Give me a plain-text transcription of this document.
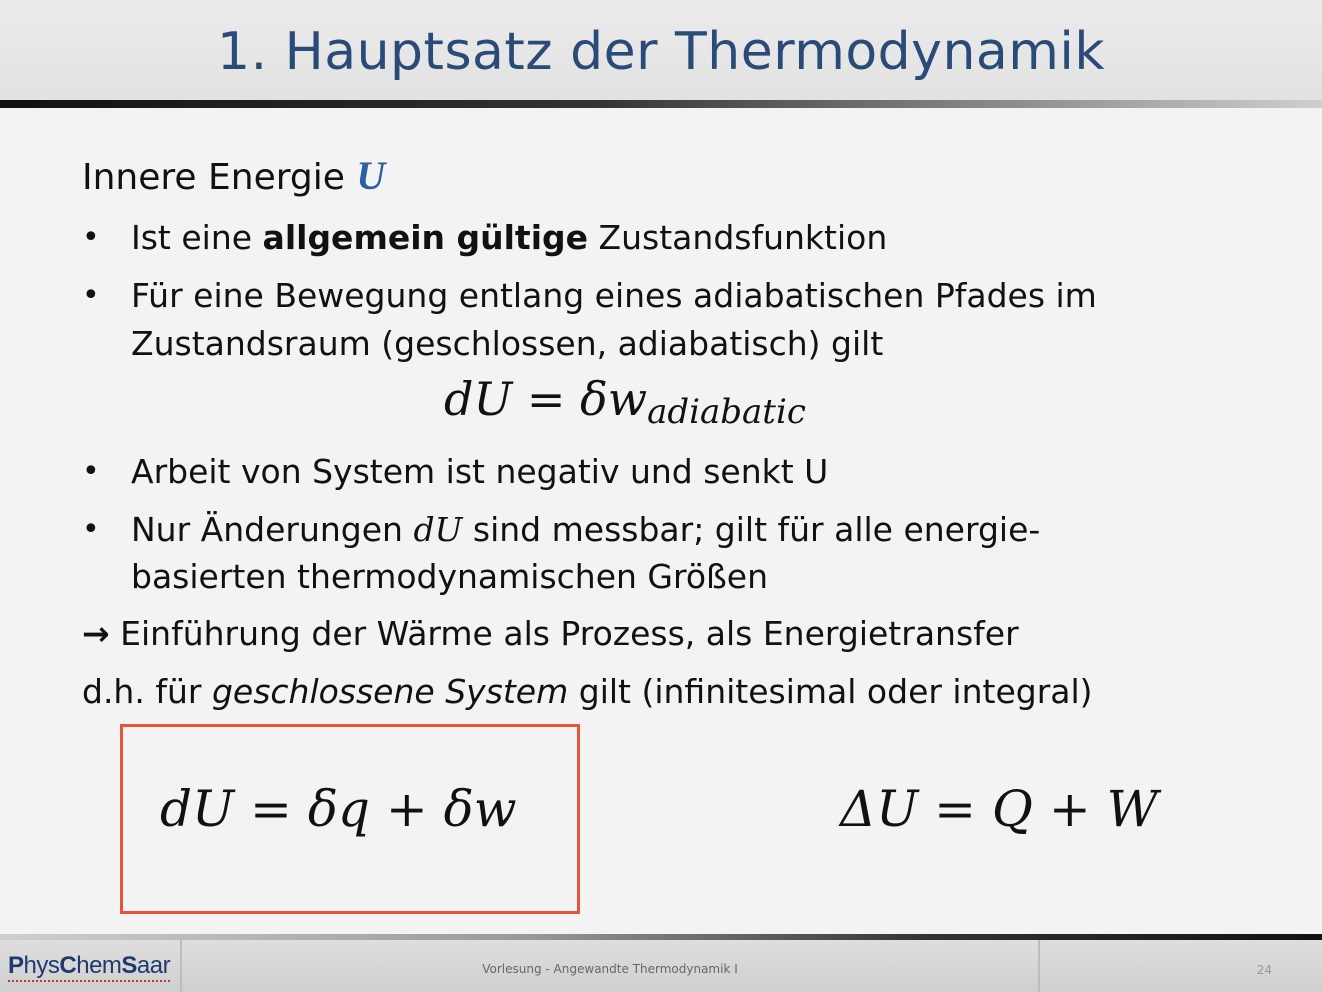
1. Hauptsatz der Thermodynamik
Innere Energie U
• Ist eine allgemein gültige Zustandsfunktion
• Für eine Bewegung entlang eines adiabatischen Pfades im
Zustandsraum (geschlossen, adiabatisch) gilt
dU = $\delta w_{adiabatic}$
• Arbeit von System ist negativ und senkt U
• Nur Änderungen dU sind messbar; gilt für alle energie-
basierten thermodynamischen Größen
→ Einführung der Wärme als Prozess, als Energietransfer
d.h. für geschlossene System gilt (infinitesimal oder integral)
dU = δq + δw	ΔU = Q + W
PhysChemSaar	Vorlesung - Angewandte Thermodynamik I	24
